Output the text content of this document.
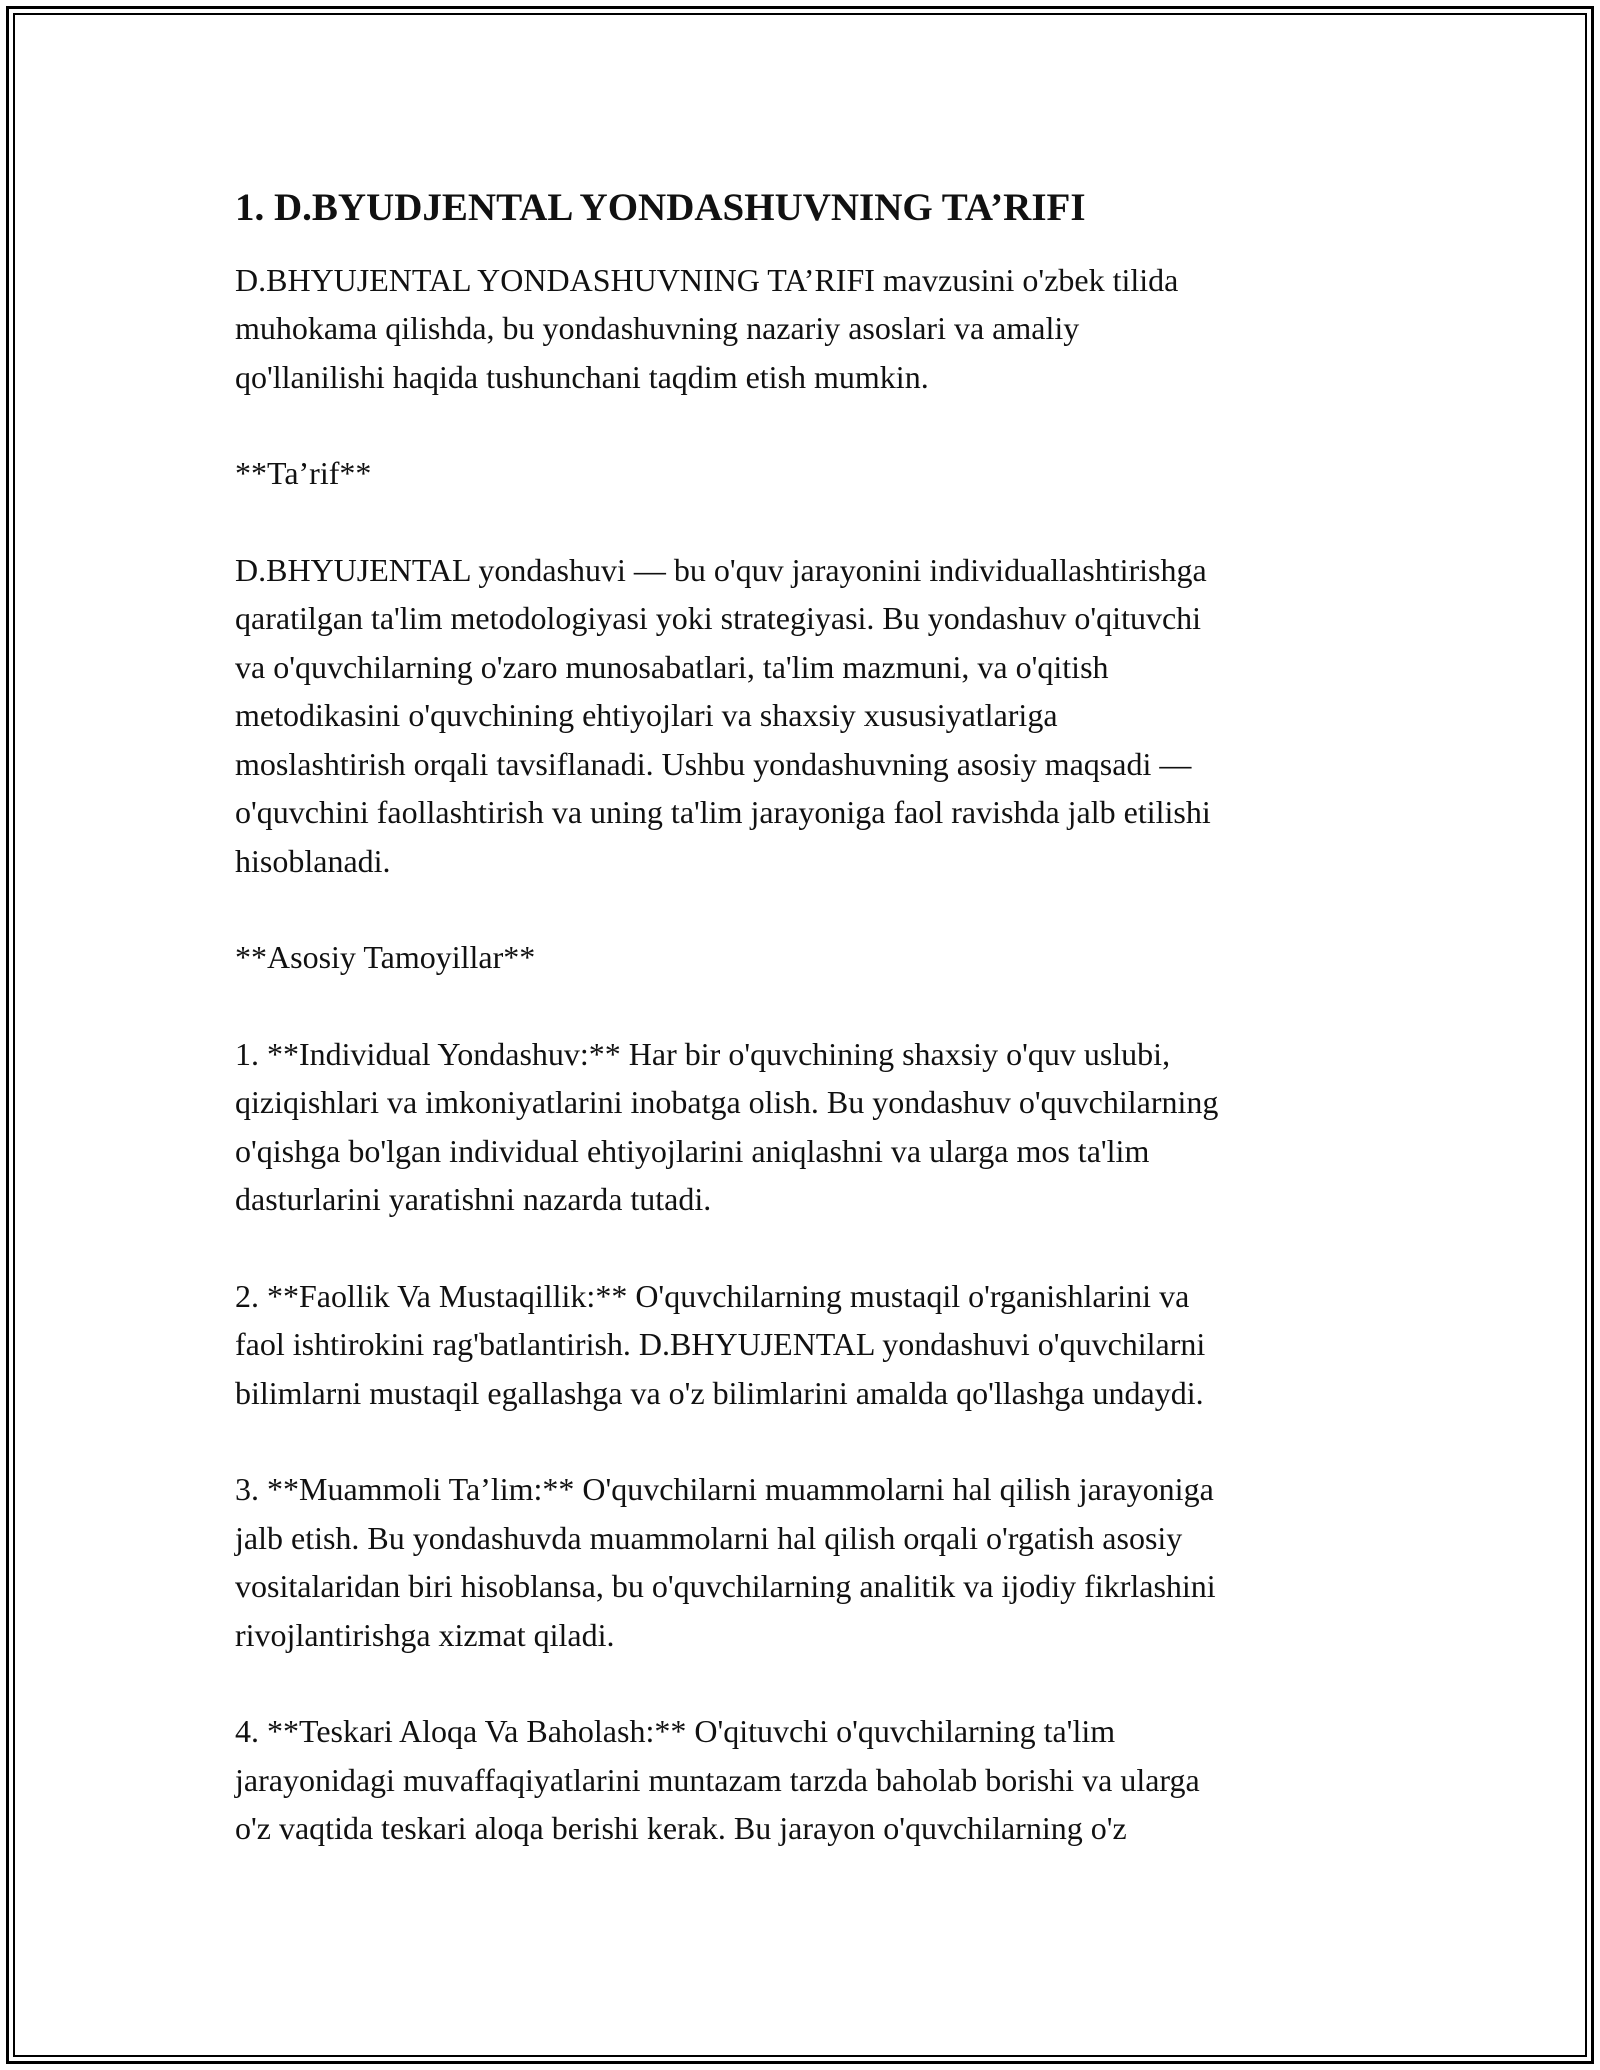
1. D.BYUDJENTAL YONDASHUVNING TA’RIFI

D.BHYUJENTAL YONDASHUVNING TA’RIFI mavzusini o'zbek tilida
muhokama qilishda, bu yondashuvning nazariy asoslari va amaliy
qo'llanilishi haqida tushunchani taqdim etish mumkin.

**Ta’rif**

D.BHYUJENTAL yondashuvi — bu o'quv jarayonini individuallashtirishga
qaratilgan ta'lim metodologiyasi yoki strategiyasi. Bu yondashuv o'qituvchi
va o'quvchilarning o'zaro munosabatlari, ta'lim mazmuni, va o'qitish
metodikasini o'quvchining ehtiyojlari va shaxsiy xususiyatlariga
moslashtirish orqali tavsiflanadi. Ushbu yondashuvning asosiy maqsadi —
o'quvchini faollashtirish va uning ta'lim jarayoniga faol ravishda jalb etilishi
hisoblanadi.

**Asosiy Tamoyillar**

1. **Individual Yondashuv:** Har bir o'quvchining shaxsiy o'quv uslubi,
qiziqishlari va imkoniyatlarini inobatga olish. Bu yondashuv o'quvchilarning
o'qishga bo'lgan individual ehtiyojlarini aniqlashni va ularga mos ta'lim
dasturlarini yaratishni nazarda tutadi.

2. **Faollik Va Mustaqillik:** O'quvchilarning mustaqil o'rganishlarini va
faol ishtirokini rag'batlantirish. D.BHYUJENTAL yondashuvi o'quvchilarni
bilimlarni mustaqil egallashga va o'z bilimlarini amalda qo'llashga undaydi.

3. **Muammoli Ta’lim:** O'quvchilarni muammolarni hal qilish jarayoniga
jalb etish. Bu yondashuvda muammolarni hal qilish orqali o'rgatish asosiy
vositalaridan biri hisoblansa, bu o'quvchilarning analitik va ijodiy fikrlashini
rivojlantirishga xizmat qiladi.

4. **Teskari Aloqa Va Baholash:** O'qituvchi o'quvchilarning ta'lim
jarayonidagi muvaffaqiyatlarini muntazam tarzda baholab borishi va ularga
o'z vaqtida teskari aloqa berishi kerak. Bu jarayon o'quvchilarning o'z
